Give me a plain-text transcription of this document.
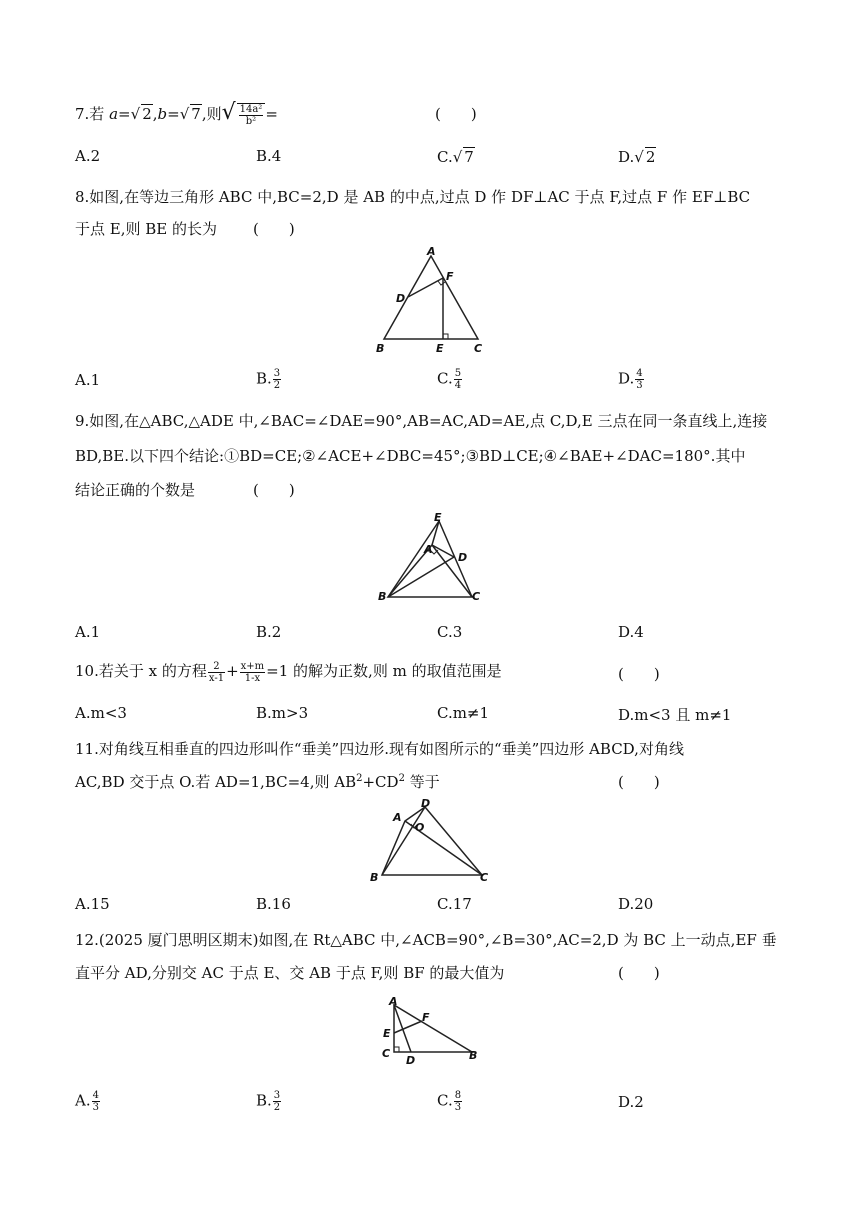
7.若 a=√ 2,b=√ 7,则√ $\frac{\text{14a²}}{\text{b²}}$ =	(　　)
A.2	B.4	C.√ 7	D.√ 2
8.如图,在等边三角形 ABC 中,BC=2,D 是 AB 的中点,过点 D 作 DF⊥AC 于点 F,过点 F 作 EF⊥BC
于点 E,则 BE 的长为 (　　)
A
F
D
B	E	C
A.1	B. $\frac{3}{2}$	C. $\frac{5}{4}$	D. $\frac{4}{3}$
9.如图,在△ABC,△ADE 中,∠BAC=∠DAE=90°,AB=AC,AD=AE,点 C,D,E 三点在同一条直线上,连接
BD,BE.以下四个结论:①BD=CE;②∠ACE+∠DBC=45°;③BD⊥CE;④∠BAE+∠DAC=180°.其中
结论正确的个数是	(　　)
E
A
D
B	C
A.1	B.2	C.3	D.4
10.若关于 x 的方程 $\frac{2}{x-1} + \frac{x+m}{1-x} =1$ 的解为正数,则 m 的取值范围是	(　　)
A.m<3	B.m>3	C.m≠1	D.m<3 且 m≠1
11.对角线互相垂直的四边形叫作“垂美”四边形.现有如图所示的“垂美”四边形 ABCD,对角线
AC,BD 交于点 O.若 AD=1,BC=4,则 $AB^2+CD^2$ 等于	(　　)
D
A
O
B	C
A.15	B.16	C.17	D.20
12.(2025 厦门思明区期末)如图,在 Rt△ABC 中,∠ACB=90°,∠B=30°,AC=2,D 为 BC 上一动点,EF 垂
直平分 AD,分别交 AC 于点 E、交 AB 于点 F,则 BF 的最大值为	(　　)
A
F
E
C
D	B
A. $\frac{4}{3}$	B. $\frac{3}{2}$	C. $\frac{8}{3}$	D.2
